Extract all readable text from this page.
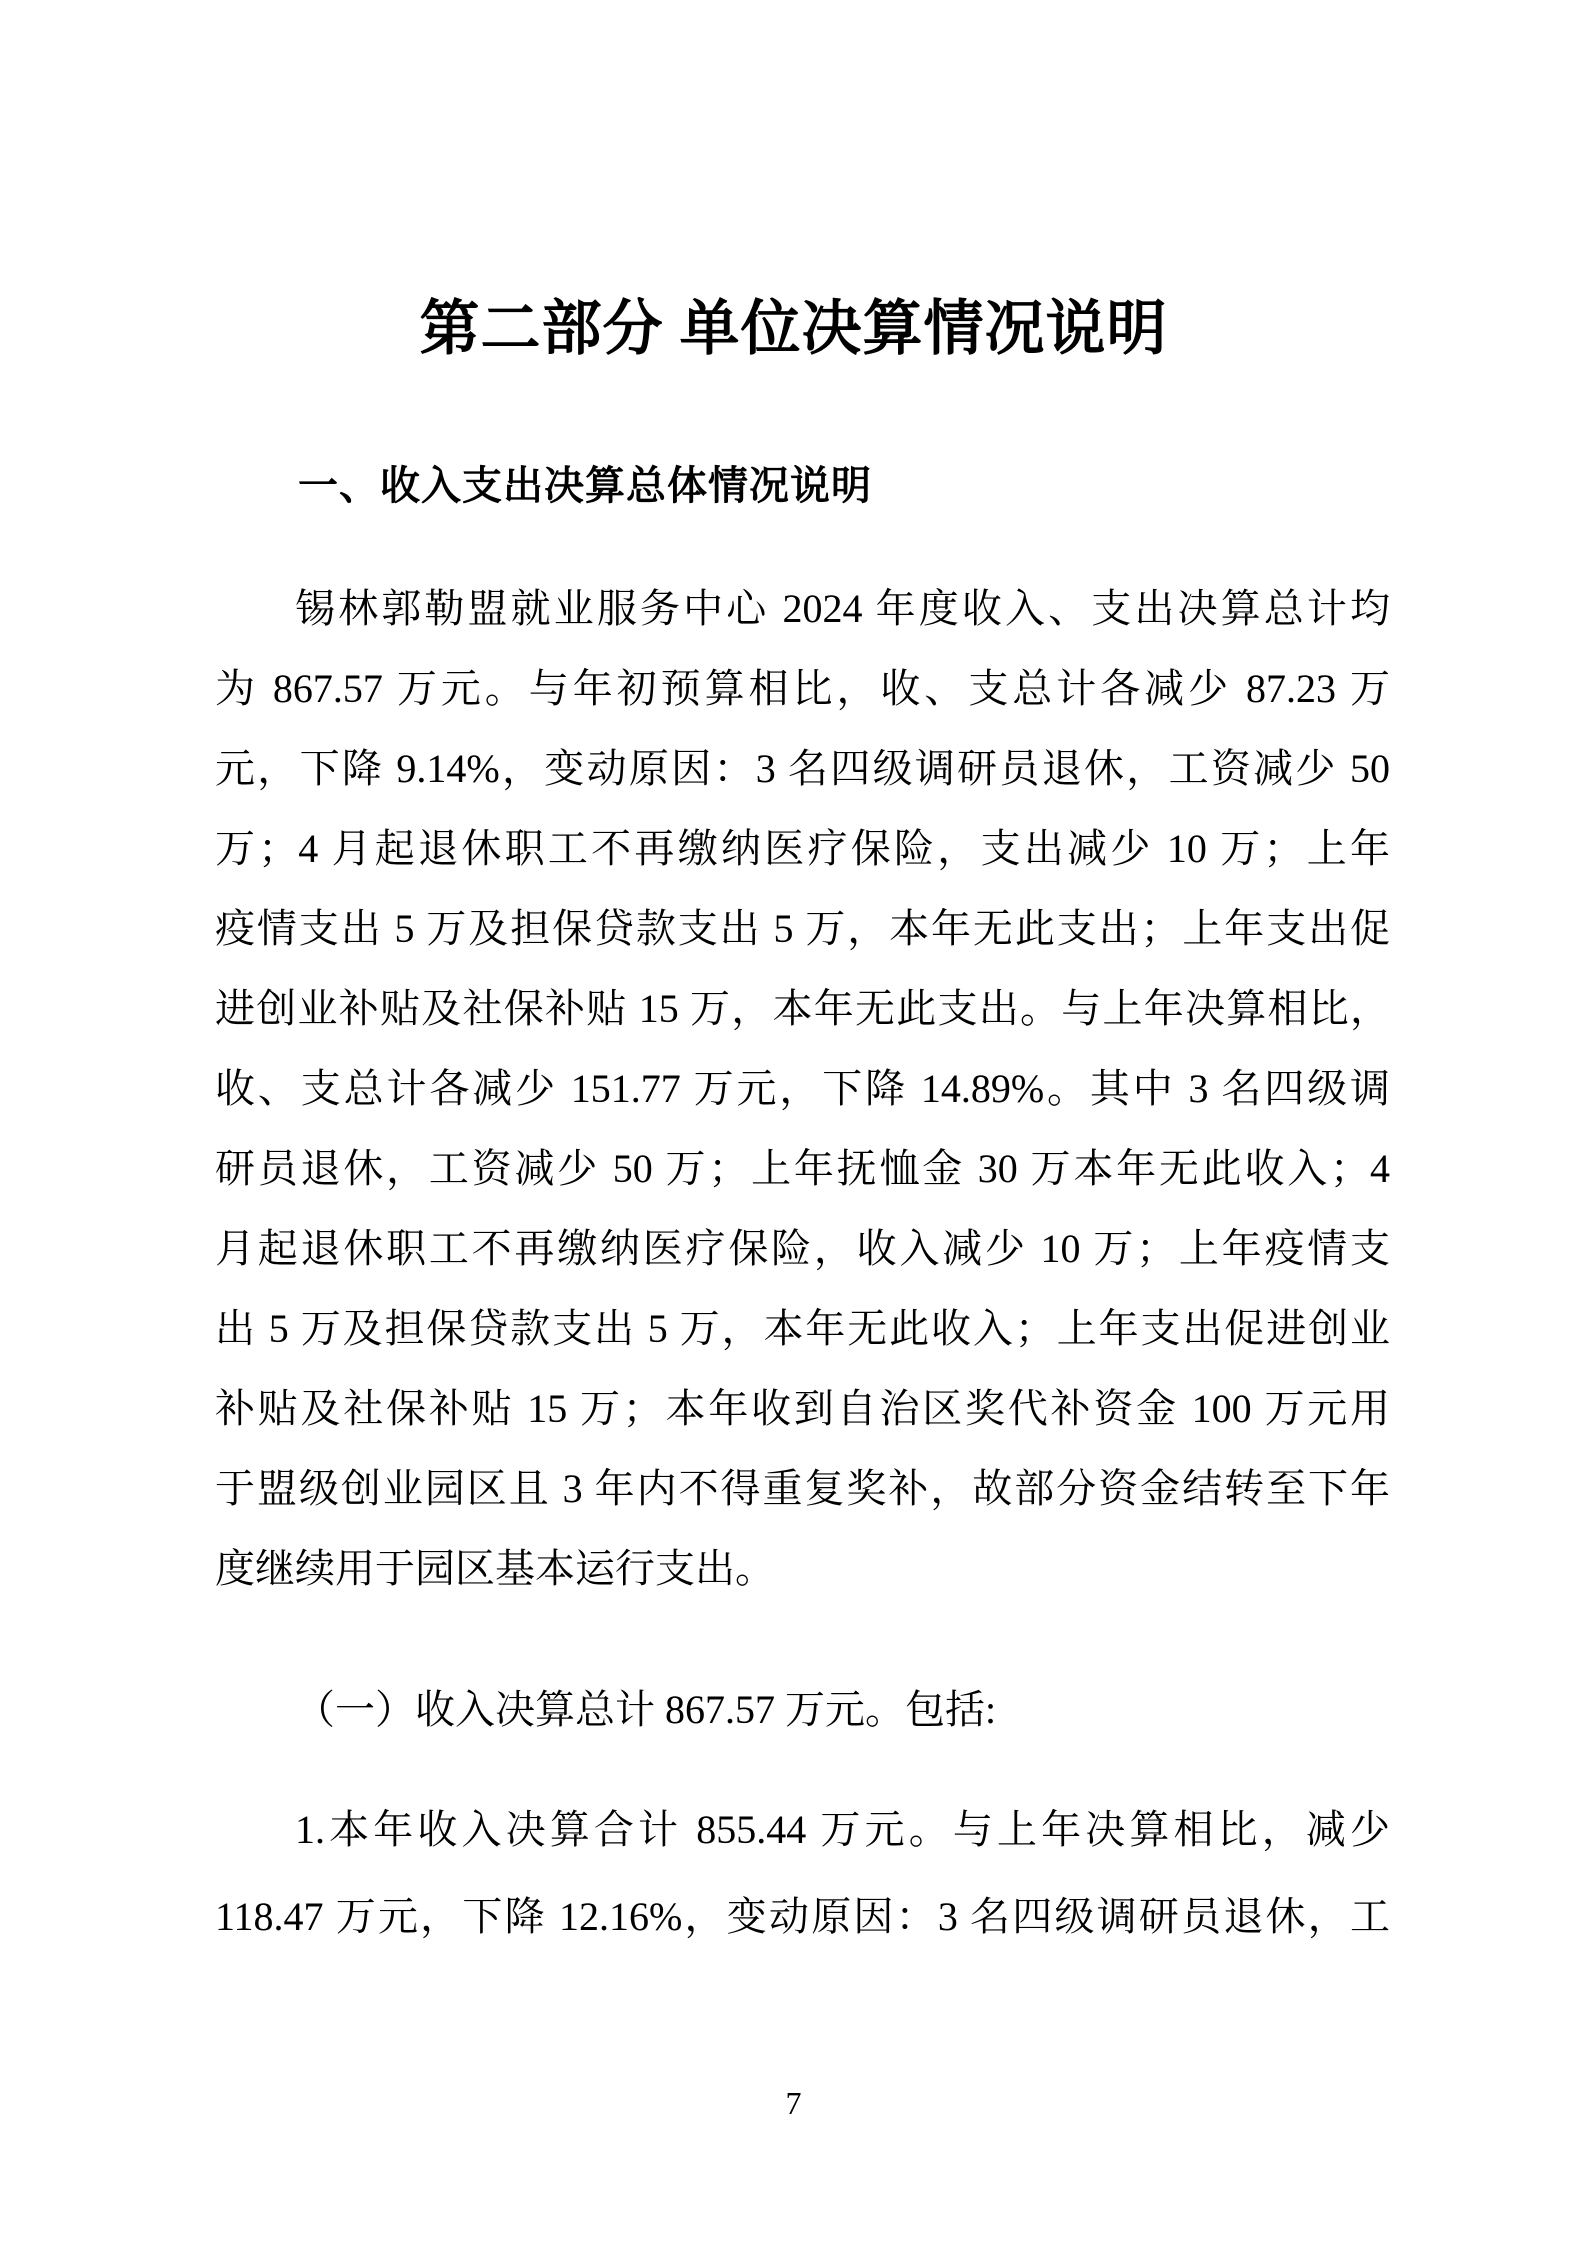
第二部分 单位决算情况说明
一、收入支出决算总体情况说明
锡林郭勒盟就业服务中心 2024 年度收入、支出决算总计均
为 867.57 万元。与年初预算相比，收、支总计各减少 87.23 万
元，下降 9.14%，变动原因：3 名四级调研员退休，工资减少 50
万；4 月起退休职工不再缴纳医疗保险，支出减少 10 万；上年
疫情支出 5 万及担保贷款支出 5 万，本年无此支出；上年支出促
进创业补贴及社保补贴 15 万，本年无此支出。与上年决算相比，
收、支总计各减少 151.77 万元，下降 14.89%。其中 3 名四级调
研员退休，工资减少 50 万；上年抚恤金 30 万本年无此收入；4
月起退休职工不再缴纳医疗保险，收入减少 10 万；上年疫情支
出 5 万及担保贷款支出 5 万，本年无此收入；上年支出促进创业
补贴及社保补贴 15 万；本年收到自治区奖代补资金 100 万元用
于盟级创业园区且 3 年内不得重复奖补，故部分资金结转至下年
度继续用于园区基本运行支出。
（一）收入决算总计 867.57 万元。包括:
1.本年收入决算合计 855.44 万元。与上年决算相比，减少
118.47 万元，下降 12.16%，变动原因：3 名四级调研员退休，工
7
